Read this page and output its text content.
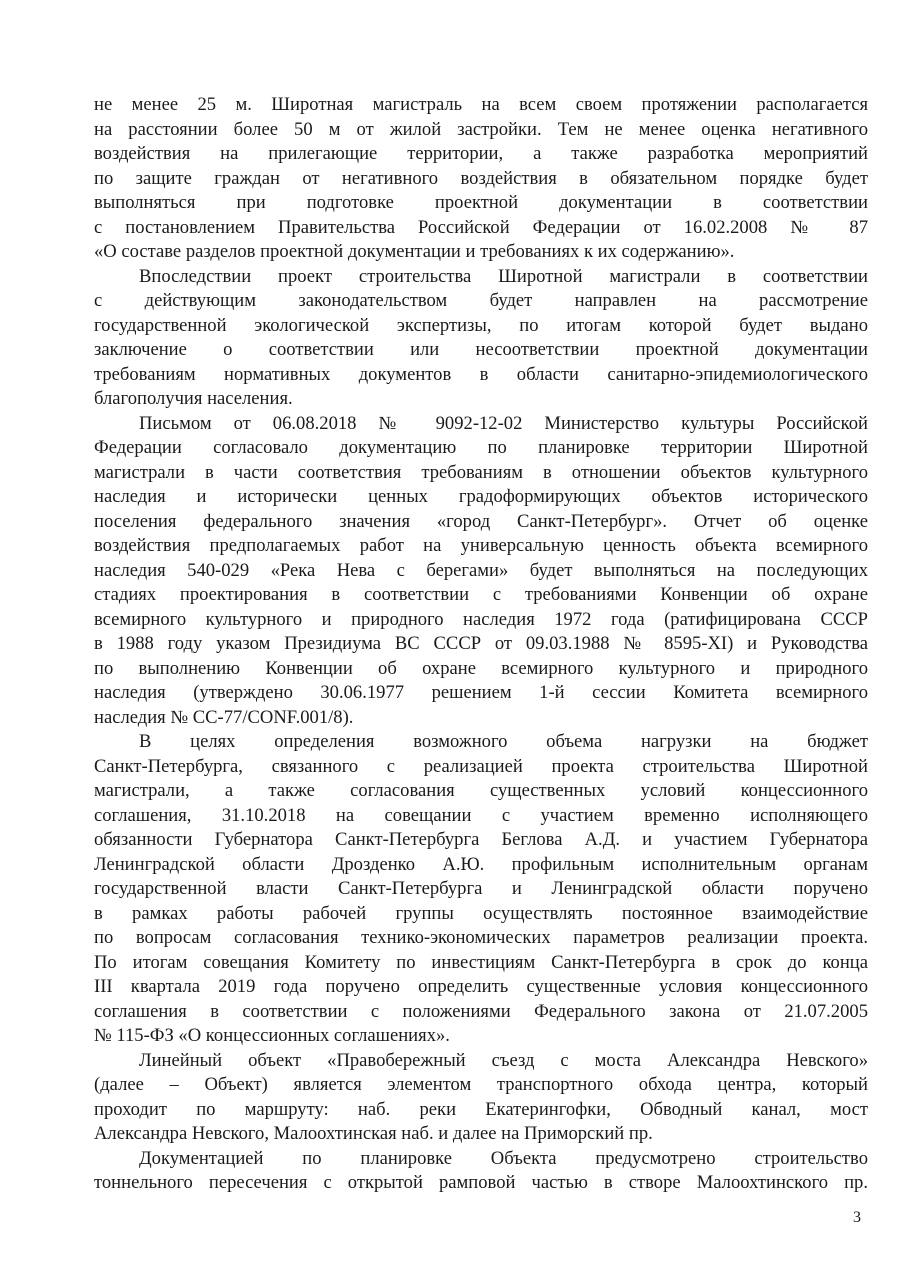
не менее 25 м. Широтная магистраль на всем своем протяжении располагается
на расстоянии более 50 м от жилой застройки. Тем не менее оценка негативного
воздействия на прилегающие территории, а также разработка мероприятий
по защите граждан от негативного воздействия в обязательном порядке будет
выполняться при подготовке проектной документации в соответствии
с постановлением Правительства Российской Федерации от 16.02.2008 № 87
«О составе разделов проектной документации и требованиях к их содержанию».
Впоследствии проект строительства Широтной магистрали в соответствии
с действующим законодательством будет направлен на рассмотрение
государственной экологической экспертизы, по итогам которой будет выдано
заключение о соответствии или несоответствии проектной документации
требованиям нормативных документов в области санитарно-эпидемиологического
благополучия населения.
Письмом от 06.08.2018 № 9092-12-02 Министерство культуры Российской
Федерации согласовало документацию по планировке территории Широтной
магистрали в части соответствия требованиям в отношении объектов культурного
наследия и исторически ценных градоформирующих объектов исторического
поселения федерального значения «город Санкт-Петербург». Отчет об оценке
воздействия предполагаемых работ на универсальную ценность объекта всемирного
наследия 540-029 «Река Нева с берегами» будет выполняться на последующих
стадиях проектирования в соответствии с требованиями Конвенции об охране
всемирного культурного и природного наследия 1972 года (ратифицирована СССР
в 1988 году указом Президиума ВС СССР от 09.03.1988 № 8595-XI) и Руководства
по выполнению Конвенции об охране всемирного культурного и природного
наследия (утверждено 30.06.1977 решением 1-й сессии Комитета всемирного
наследия № СС-77/CONF.001/8).
В целях определения возможного объема нагрузки на бюджет
Санкт-Петербурга, связанного с реализацией проекта строительства Широтной
магистрали, а также согласования существенных условий концессионного
соглашения, 31.10.2018 на совещании с участием временно исполняющего
обязанности Губернатора Санкт-Петербурга Беглова А.Д. и участием Губернатора
Ленинградской области Дрозденко А.Ю. профильным исполнительным органам
государственной власти Санкт-Петербурга и Ленинградской области поручено
в рамках работы рабочей группы осуществлять постоянное взаимодействие
по вопросам согласования технико-экономических параметров реализации проекта.
По итогам совещания Комитету по инвестициям Санкт-Петербурга в срок до конца
III квартала 2019 года поручено определить существенные условия концессионного
соглашения в соответствии с положениями Федерального закона от 21.07.2005
№ 115-ФЗ «О концессионных соглашениях».
Линейный объект «Правобережный съезд с моста Александра Невского»
(далее – Объект) является элементом транспортного обхода центра, который
проходит по маршруту: наб. реки Екатерингофки, Обводный канал, мост
Александра Невского, Малоохтинская наб. и далее на Приморский пр.
Документацией по планировке Объекта предусмотрено строительство
тоннельного пересечения с открытой рамповой частью в створе Малоохтинского пр.
3
